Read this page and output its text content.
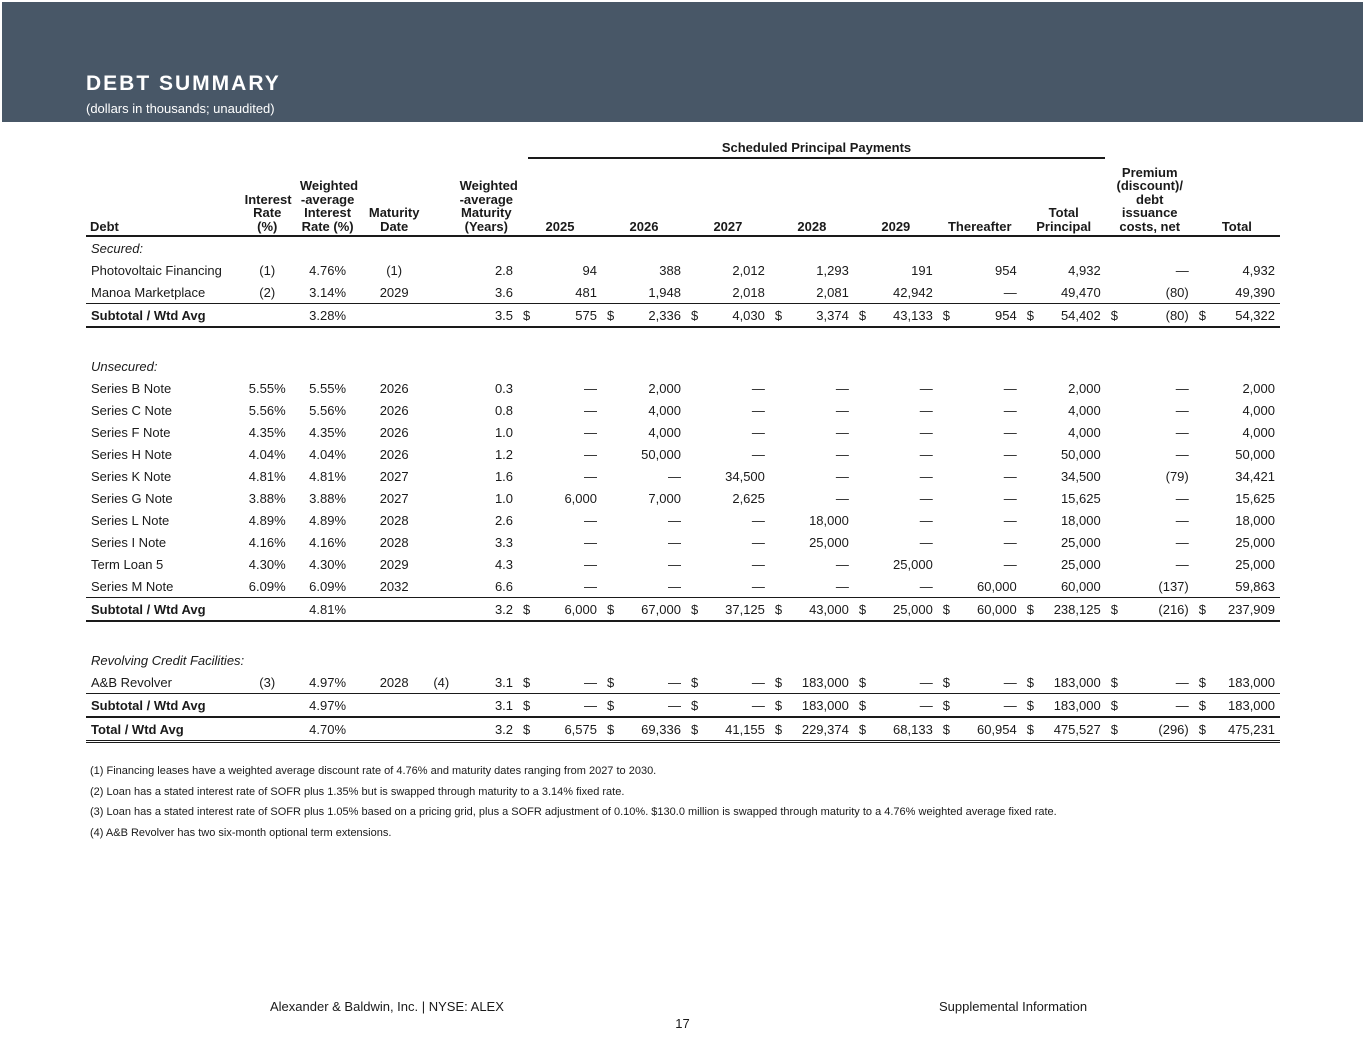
DEBT SUMMARY
(dollars in thousands; unaudited)
Scheduled Principal Payments
Debt	Interest Rate (%)	Weighted -average Interest Rate (%)	Maturity Date		Weighted -average Maturity (Years)	2025		2026		2027		2028		2029		Thereafter		Total Principal		Premium (discount)/ debt issuance costs, net		Total	
Secured:																							
Photovoltaic Financing	(1)	4.76%	(1)		2.8		94		388		2,012		1,293		191		954		4,932		—		4,932
Manoa Marketplace	(2)	3.14%	2029		3.6		481		1,948		2,018		2,081		42,942		—		49,470		(80)		49,390
Subtotal / Wtd Avg		3.28%			3.5	$	575	$	2,336	$	4,030	$	3,374	$	43,133	$	954	$	54,402	$	(80)	$	54,322

Unsecured:																							
Series B Note	5.55%	5.55%	2026		0.3		—		2,000		—		—		—		—		2,000		—		2,000
Series C Note	5.56%	5.56%	2026		0.8		—		4,000		—		—		—		—		4,000		—		4,000
Series F Note	4.35%	4.35%	2026		1.0		—		4,000		—		—		—		—		4,000		—		4,000
Series H Note	4.04%	4.04%	2026		1.2		—		50,000		—		—		—		—		50,000		—		50,000
Series K Note	4.81%	4.81%	2027		1.6		—		—		34,500		—		—		—		34,500		(79)		34,421
Series G Note	3.88%	3.88%	2027		1.0		6,000		7,000		2,625		—		—		—		15,625		—		15,625
Series L Note	4.89%	4.89%	2028		2.6		—		—		—		18,000		—		—		18,000		—		18,000
Series I Note	4.16%	4.16%	2028		3.3		—		—		—		25,000		—		—		25,000		—		25,000
Term Loan 5	4.30%	4.30%	2029		4.3		—		—		—		—		25,000		—		25,000		—		25,000
Series M Note	6.09%	6.09%	2032		6.6		—		—		—		—		—		60,000		60,000		(137)		59,863
Subtotal / Wtd Avg		4.81%			3.2	$	6,000	$	67,000	$	37,125	$	43,000	$	25,000	$	60,000	$	238,125	$	(216)	$	237,909

Revolving Credit Facilities:																							
A&B Revolver	(3)	4.97%	2028	(4)	3.1	$	—	$	—	$	—	$	183,000	$	—	$	—	$	183,000	$	—	$	183,000
Subtotal / Wtd Avg		4.97%			3.1	$	—	$	—	$	—	$	183,000	$	—	$	—	$	183,000	$	—	$	183,000
Total / Wtd Avg		4.70%			3.2	$	6,575	$	69,336	$	41,155	$	229,374	$	68,133	$	60,954	$	475,527	$	(296)	$	475,231
(1) Financing leases have a weighted average discount rate of 4.76% and maturity dates ranging from 2027 to 2030.
(2) Loan has a stated interest rate of SOFR plus 1.35% but is swapped through maturity to a 3.14% fixed rate.
(3) Loan has a stated interest rate of SOFR plus 1.05% based on a pricing grid, plus a SOFR adjustment of 0.10%. $130.0 million is swapped through maturity to a 4.76% weighted average fixed rate.
(4) A&B Revolver has two six-month optional term extensions.
Alexander & Baldwin, Inc. | NYSE: ALEX	Supplemental Information
17
